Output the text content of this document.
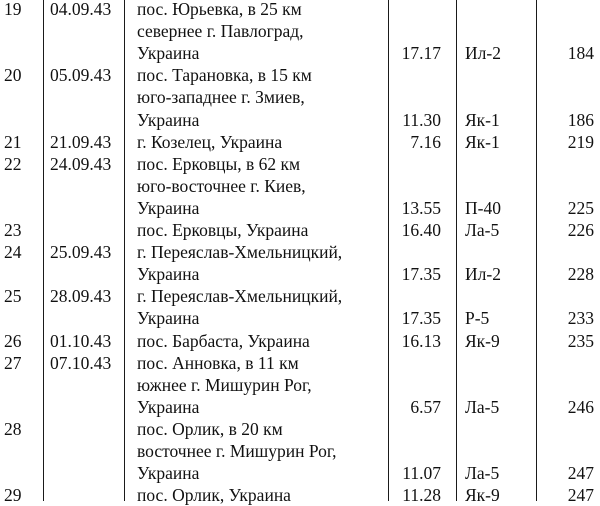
19 04.09.43 пос. Юрьевка, в 25 км
севернее г. Павлоград,
Украина	17.17 Ил-2	184
20 05.09.43 пос. Тарановка, в 15 км
юго-западнее г. Змиев,
Украина	11.30 Як-1	186
21 21.09.43 г. Козелец, Украина	7.16 Як-1	219
22 24.09.43 пос. Ерковцы, в 62 км
юго-восточнее г. Киев,
Украина	13.55 П-40	225
23	пос. Ерковцы, Украина	16.40 Ла-5	226
24 25.09.43 г. Переяслав-Хмельницкий,
Украина	17.35 Ил-2	228
25 28.09.43 г. Переяслав-Хмельницкий,
Украина	17.35 Р-5	233
26 01.10.43 пос. Барбаста, Украина	16.13 Як-9	235
27 07.10.43 пос. Анновка, в 11 км
южнее г. Мишурин Рог,
Украина	6.57 Ла-5	246
28	пос. Орлик, в 20 км
восточнее г. Мишурин Рог,
Украина	11.07 Ла-5	247
29	пос. Орлик, Украина	11.28 Як-9	247
